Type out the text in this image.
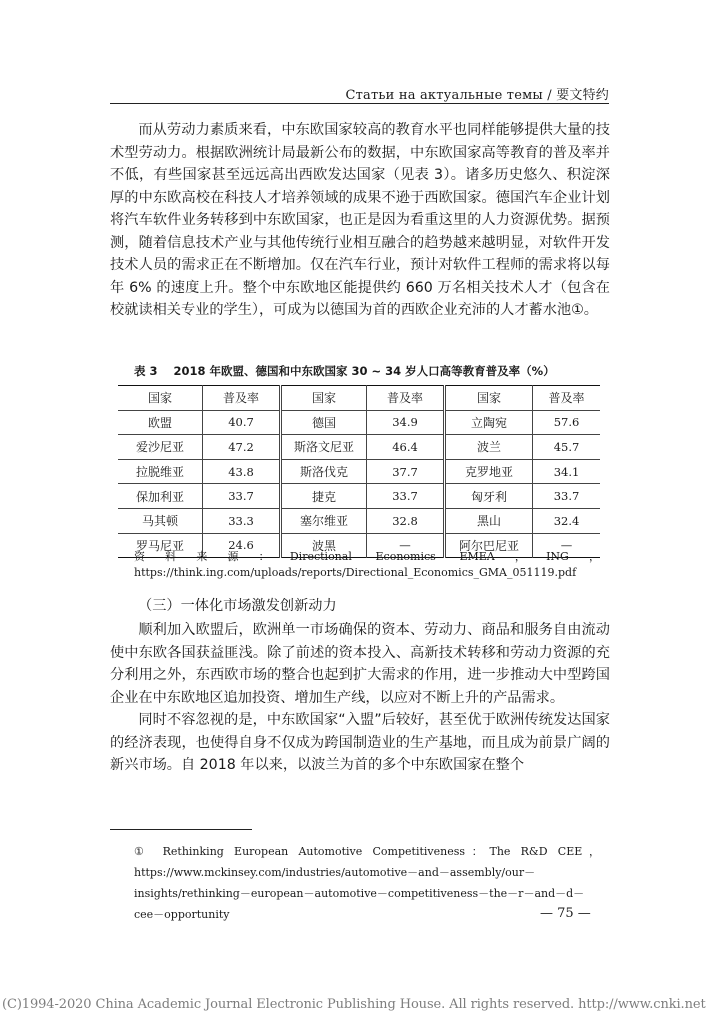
Статьи на актуальные темы / 要文特约

而从劳动力素质来看，中东欧国家较高的教育水平也同样能够提供大量的技术型劳动力。根据欧洲统计局最新公布的数据，中东欧国家高等教育的普及率并不低，有些国家甚至远远高出西欧发达国家（见表 3）。诸多历史悠久、积淀深厚的中东欧高校在科技人才培养领域的成果不逊于西欧国家。德国汽车企业计划将汽车软件业务转移到中东欧国家，也正是因为看重这里的人力资源优势。据预测，随着信息技术产业与其他传统行业相互融合的趋势越来越明显，对软件开发技术人员的需求正在不断增加。仅在汽车行业，预计对软件工程师的需求将以每年 6% 的速度上升。整个中东欧地区能提供约 660 万名相关技术人才（包含在校就读相关专业的学生），可成为以德国为首的西欧企业充沛的人才蓄水池①。

表 3 2018 年欧盟、德国和中东欧国家 30 ~ 34 岁人口高等教育普及率（%）
国家	普及率	国家	普及率	国家	普及率
欧盟	40.7	德国	34.9	立陶宛	57.6
爱沙尼亚	47.2	斯洛文尼亚	46.4	波兰	45.7
拉脱维亚	43.8	斯洛伐克	37.7	克罗地亚	34.1
保加利亚	33.7	捷克	33.7	匈牙利	33.7
马其顿	33.3	塞尔维亚	32.8	黑山	32.4
罗马尼亚	24.6	波黑	—	阿尔巴尼亚	—
资料来源：Directional Economics EMEA，ING，https://think.ing.com/uploads/reports/Directional_Economics_GMA_051119.pdf
（三）一体化市场激发创新动力

顺利加入欧盟后，欧洲单一市场确保的资本、劳动力、商品和服务自由流动使中东欧各国获益匪浅。除了前述的资本投入、高新技术转移和劳动力资源的充分利用之外，东西欧市场的整合也起到扩大需求的作用，进一步推动大中型跨国企业在中东欧地区追加投资、增加生产线，以应对不断上升的产品需求。

同时不容忽视的是，中东欧国家“入盟”后较好，甚至优于欧洲传统发达国家的经济表现，也使得自身不仅成为跨国制造业的生产基地，而且成为前景广阔的新兴市场。自 2018 年以来，以波兰为首的多个中东欧国家在整个

① Rethinking European Automotive Competitiveness：The R&D CEE，https://www.mckinsey.com/industries/automotive－and－assembly/our－insights/rethinking－european－automotive－competitiveness－the－r－and－d－cee－opportunity	— 75 —
(C)1994-2020 China Academic Journal Electronic Publishing House. All rights reserved. http://www.cnki.net
